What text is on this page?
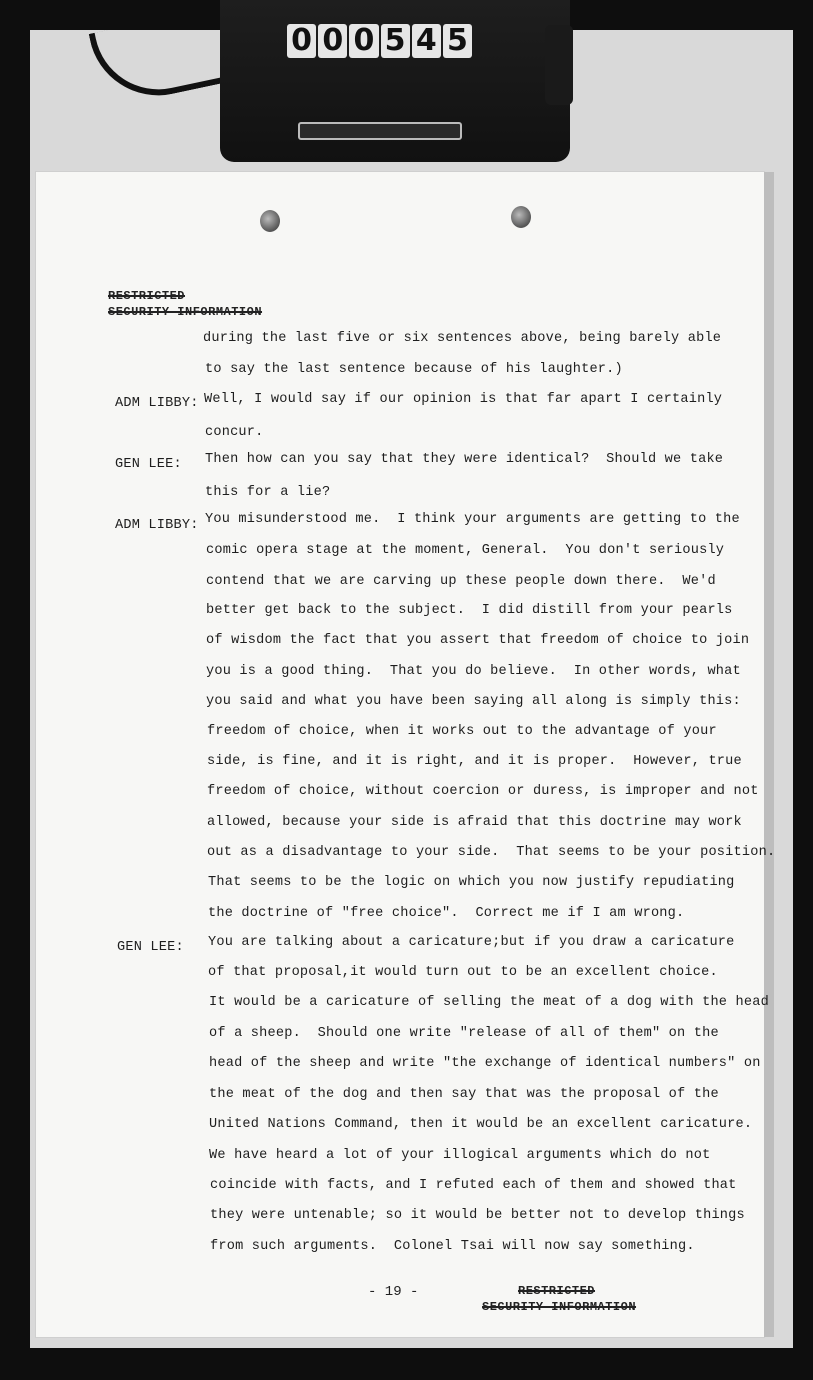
0 0 0 5 4 5
RESTRICTED
SECURITY INFORMATION
during the last five or six sentences above, being barely able
to say the last sentence because of his laughter.)
ADM LIBBY: Well, I would say if our opinion is that far apart I certainly
concur.
GEN LEE: Then how can you say that they were identical?  Should we take
this for a lie?
ADM LIBBY: You misunderstood me.  I think your arguments are getting to the
comic opera stage at the moment, General.  You don't seriously
contend that we are carving up these people down there.  We'd
better get back to the subject.  I did distill from your pearls
of wisdom the fact that you assert that freedom of choice to join
you is a good thing.  That you do believe.  In other words, what
you said and what you have been saying all along is simply this:
freedom of choice, when it works out to the advantage of your
side, is fine, and it is right, and it is proper.  However, true
freedom of choice, without coercion or duress, is improper and not
allowed, because your side is afraid that this doctrine may work
out as a disadvantage to your side.  That seems to be your position.
That seems to be the logic on which you now justify repudiating
the doctrine of "free choice".  Correct me if I am wrong.
GEN LEE: You are talking about a caricature;but if you draw a caricature
of that proposal,it would turn out to be an excellent choice.
It would be a caricature of selling the meat of a dog with the head
of a sheep.  Should one write "release of all of them" on the
head of the sheep and write "the exchange of identical numbers" on
the meat of the dog and then say that was the proposal of the
United Nations Command, then it would be an excellent caricature.
We have heard a lot of your illogical arguments which do not
coincide with facts, and I refuted each of them and showed that
they were untenable; so it would be better not to develop things
from such arguments.  Colonel Tsai will now say something.
- 19 -	RESTRICTED
SECURITY INFORMATION
